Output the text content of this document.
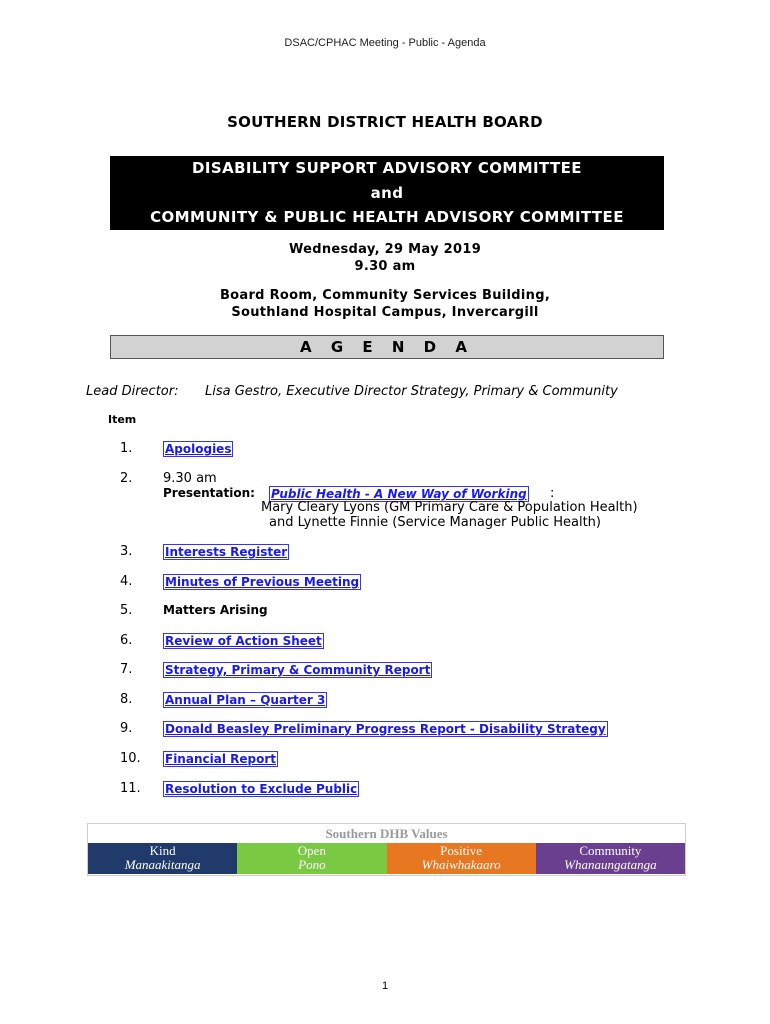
DSAC/CPHAC Meeting - Public - Agenda
SOUTHERN DISTRICT HEALTH BOARD
DISABILITY SUPPORT ADVISORY COMMITTEE
and
COMMUNITY & PUBLIC HEALTH ADVISORY COMMITTEE
Wednesday, 29 May 2019
9.30 am
Board Room, Community Services Building,
Southland Hospital Campus, Invercargill
A G E N D A
Lead Director: Lisa Gestro, Executive Director Strategy, Primary & Community
Item
1.	Apologies
2. 9.30 am
Presentation: Public Health - A New Way of Working :
Mary Cleary Lyons (GM Primary Care & Population Health)
and Lynette Finnie (Service Manager Public Health)
3.	Interests Register
4.	Minutes of Previous Meeting
5.	Matters Arising
6.	Review of Action Sheet
7.	Strategy, Primary & Community Report
8.	Annual Plan – Quarter 3
9.	Donald Beasley Preliminary Progress Report - Disability Strategy
10. Financial Report
11. Resolution to Exclude Public
Southern DHB Values
Kind
Manaakitanga
Open
Pono
Positive
Whaiwhakaaro
Community
Whanaungatanga
1
